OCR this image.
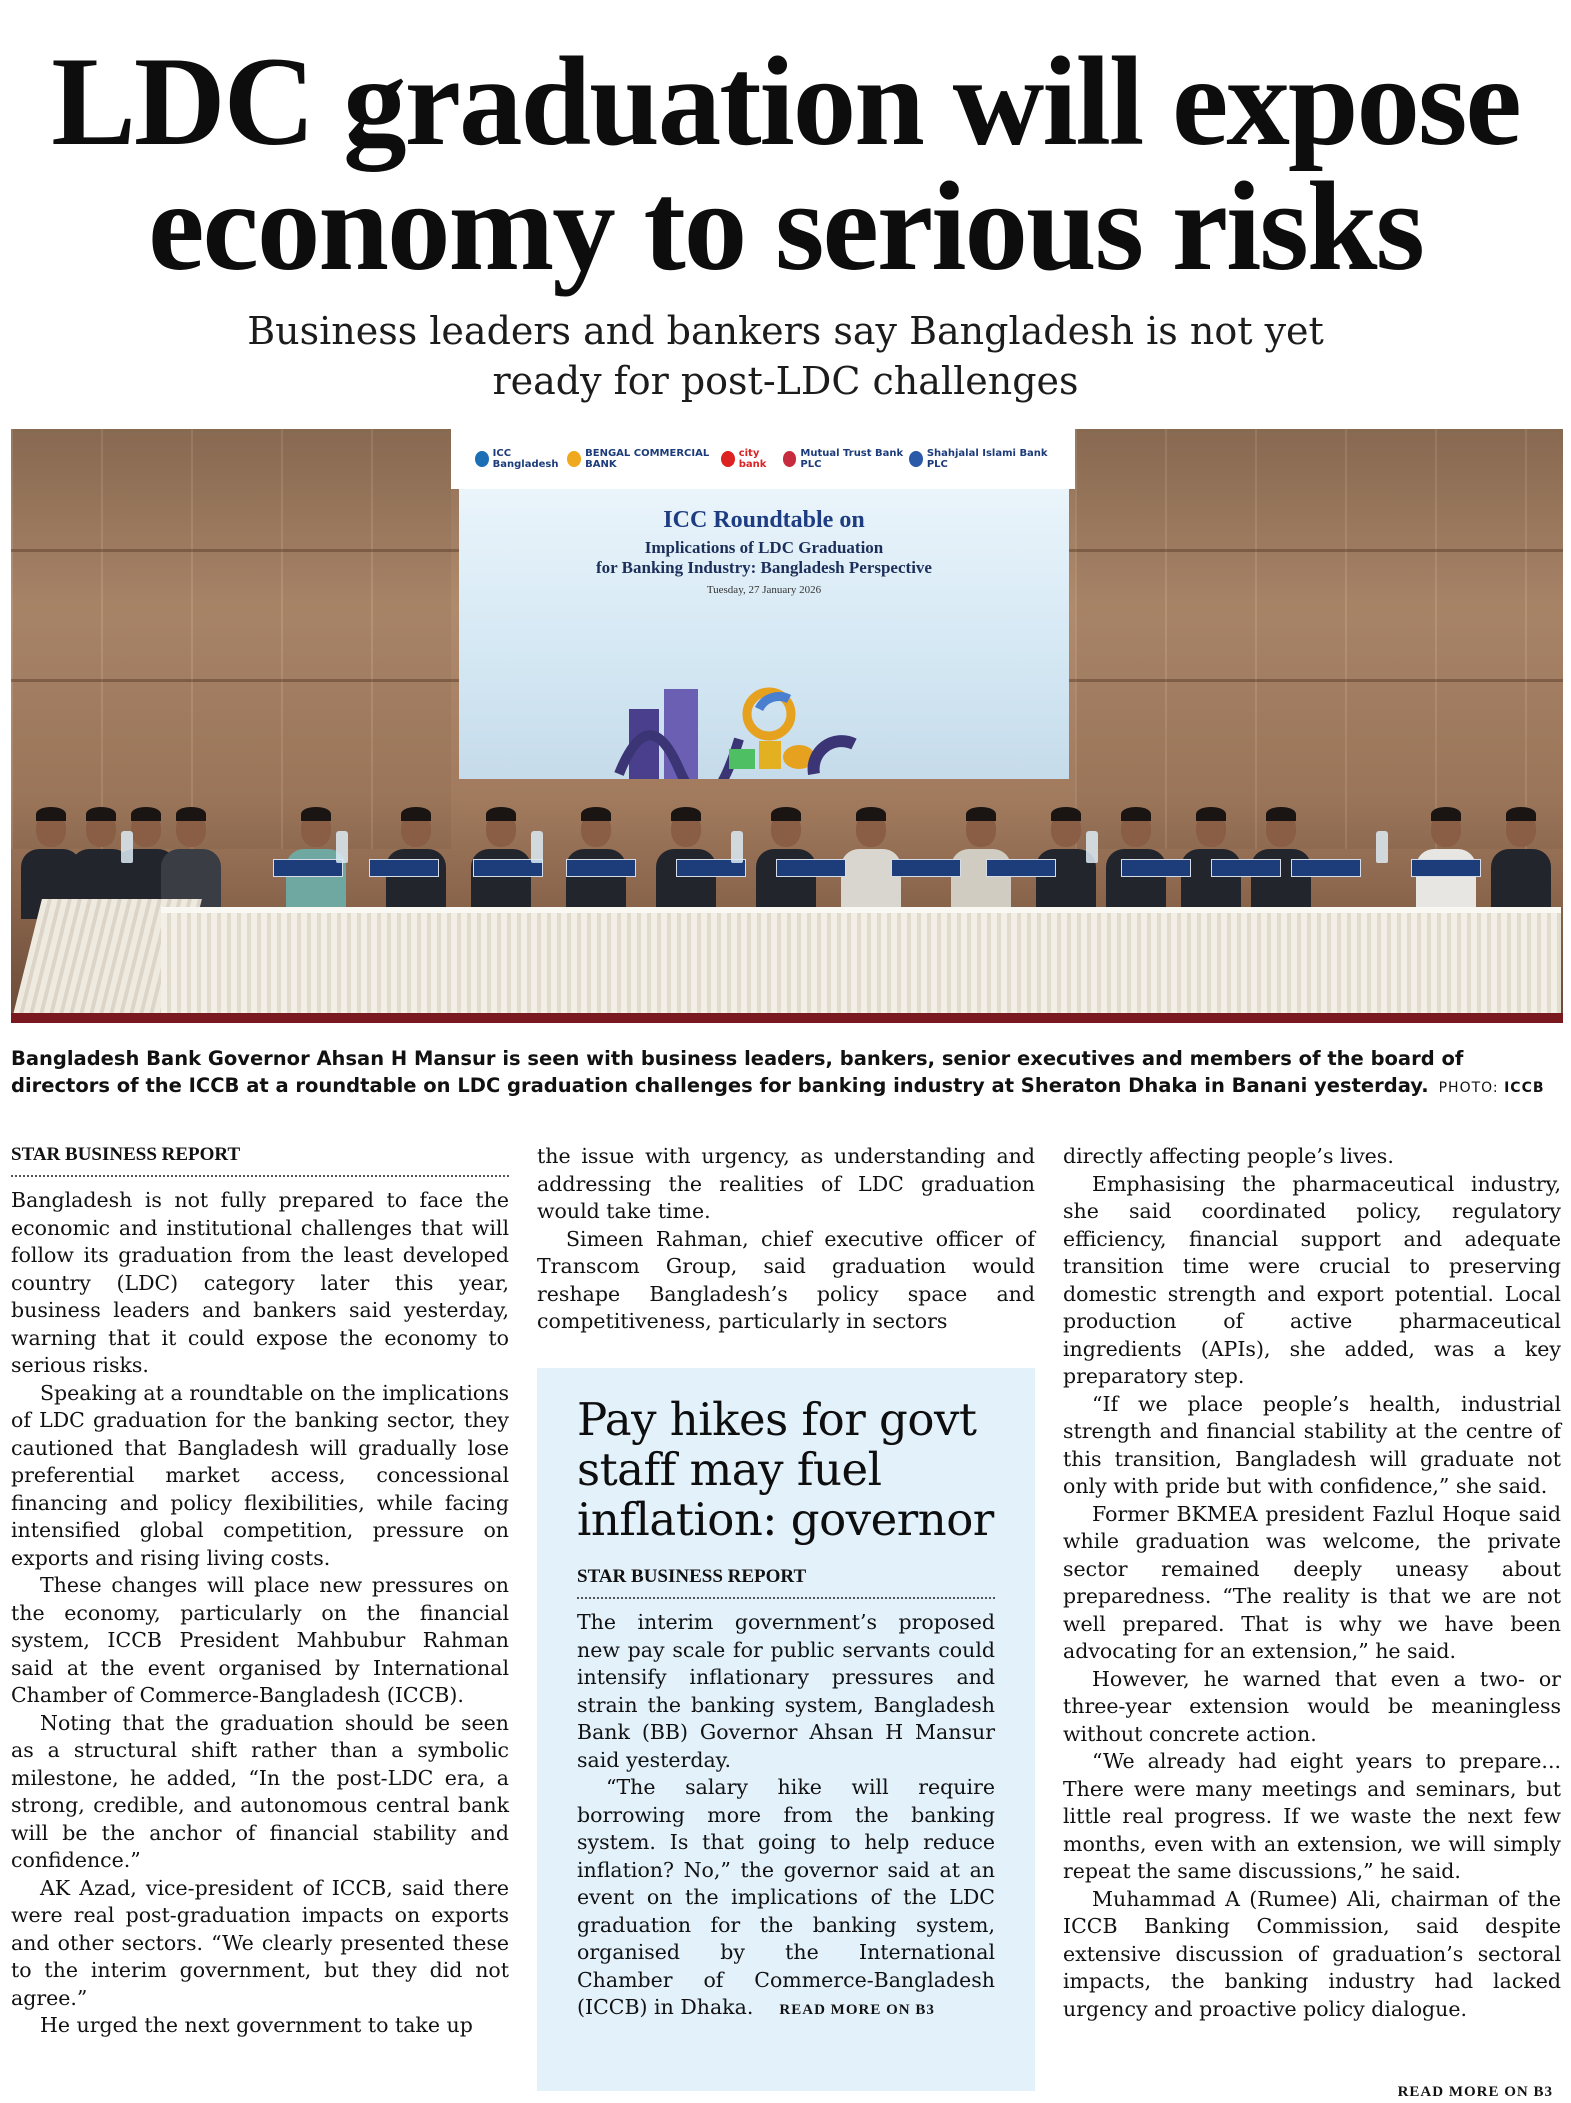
LDC graduation will expose
economy to serious risks

Business leaders and bankers say Bangladesh is not yet
ready for post-LDC challenges

ICC Bangladesh
BENGAL COMMERCIAL BANK
city bank
Mutual Trust Bank PLC
Shahjalal Islami Bank PLC
ICC Roundtable on
Implications of LDC Graduation
for Banking Industry: Bangladesh Perspective
Tuesday, 27 January 2026

Bangladesh Bank Governor Ahsan H Mansur is seen with business leaders, bankers, senior executives and members of the board of directors of the ICCB at a roundtable on LDC graduation challenges for banking industry at Sheraton Dhaka in Banani yesterday. PHOTO: ICCB

STAR BUSINESS REPORT

Bangladesh is not fully prepared to face the economic and institutional challenges that will follow its graduation from the least developed country (LDC) category later this year, business leaders and bankers said yesterday, warning that it could expose the economy to serious risks.

Speaking at a roundtable on the implications of LDC graduation for the banking sector, they cautioned that Bangladesh will gradually lose preferential market access, concessional financing and policy flexibilities, while facing intensified global competition, pressure on exports and rising living costs.

These changes will place new pressures on the economy, particularly on the financial system, ICCB President Mahbubur Rahman said at the event organised by International Chamber of Commerce-Bangladesh (ICCB).

Noting that the graduation should be seen as a structural shift rather than a symbolic milestone, he added, “In the post-LDC era, a strong, credible, and autonomous central bank will be the anchor of financial stability and confidence.”

AK Azad, vice-president of ICCB, said there were real post-graduation impacts on exports and other sectors. “We clearly presented these to the interim government, but they did not agree.”

He urged the next government to take up

the issue with urgency, as understanding and addressing the realities of LDC graduation would take time.

Simeen Rahman, chief executive officer of Transcom Group, said graduation would reshape Bangladesh’s policy space and competitiveness, particularly in sectors

Pay hikes for govt
staff may fuel
inflation: governor
STAR BUSINESS REPORT

The interim government’s proposed new pay scale for public servants could intensify inflationary pressures and strain the banking system, Bangladesh Bank (BB) Governor Ahsan H Mansur said yesterday.

“The salary hike will require borrowing more from the banking system. Is that going to help reduce inflation? No,” the governor said at an event on the implications of the LDC graduation for the banking system, organised by the International Chamber of Commerce-Bangladesh (ICCB) in Dhaka. READ MORE ON B3

directly affecting people’s lives.

Emphasising the pharmaceutical industry, she said coordinated policy, regulatory efficiency, financial support and adequate transition time were crucial to preserving domestic strength and export potential. Local production of active pharmaceutical ingredients (APIs), she added, was a key preparatory step.

“If we place people’s health, industrial strength and financial stability at the centre of this transition, Bangladesh will graduate not only with pride but with confidence,” she said.

Former BKMEA president Fazlul Hoque said while graduation was welcome, the private sector remained deeply uneasy about preparedness. “The reality is that we are not well prepared. That is why we have been advocating for an extension,” he said.

However, he warned that even a two- or three-year extension would be meaningless without concrete action.

“We already had eight years to prepare... There were many meetings and seminars, but little real progress. If we waste the next few months, even with an extension, we will simply repeat the same discussions,” he said.

Muhammad A (Rumee) Ali, chairman of the ICCB Banking Commission, said despite extensive discussion of graduation’s sectoral impacts, the banking industry had lacked urgency and proactive policy dialogue.

READ MORE ON B3
